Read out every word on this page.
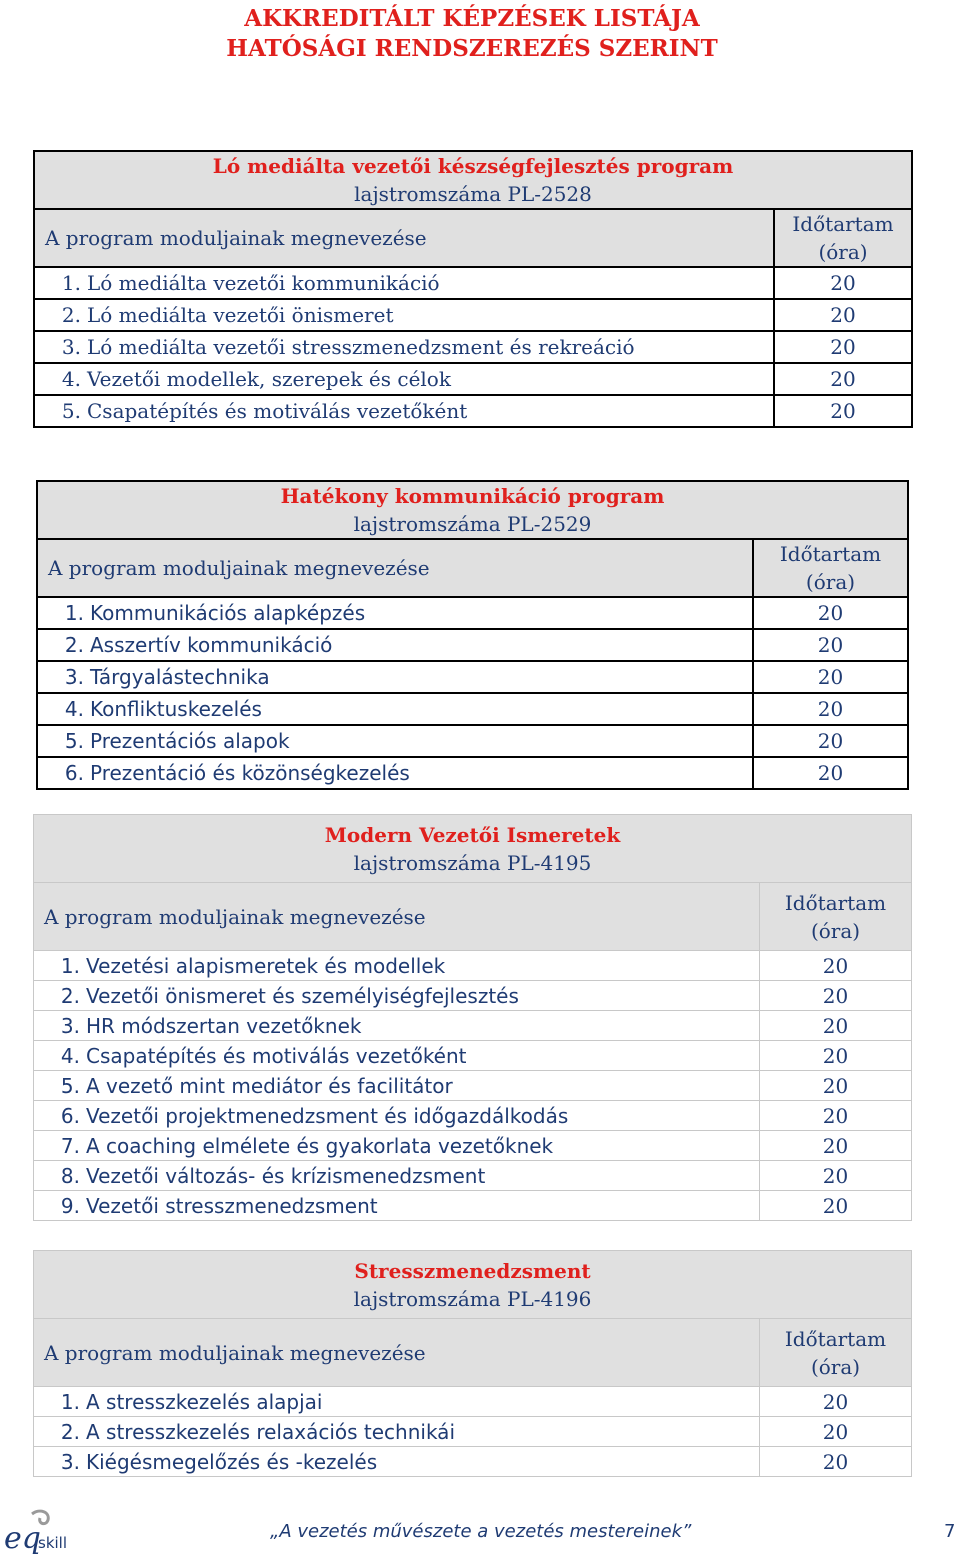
AKKREDITÁLT KÉPZÉSEK LISTÁJA
HATÓSÁGI RENDSZEREZÉS SZERINT
Ló mediálta vezetői készségfejlesztés program
lajstromszáma PL-2528	

A program moduljainak megnevezése	Időtartam
(óra)

1. Ló mediálta vezetői kommunikáció	20
2. Ló mediálta vezetői önismeret	20
3. Ló mediálta vezetői stresszmenedzsment és rekreáció	20
4. Vezetői modellek, szerepek és célok	20
5. Csapatépítés és motiválás vezetőként	20
Hatékony kommunikáció program
lajstromszáma PL-2529	

A program moduljainak megnevezése	Időtartam
(óra)

1. Kommunikációs alapképzés	20
2. Asszertív kommunikáció	20
3. Tárgyalástechnika	20
4. Konfliktuskezelés	20
5. Prezentációs alapok	20
6. Prezentáció és közönségkezelés	20
Modern Vezetői Ismeretek
lajstromszáma PL-4195	

A program moduljainak megnevezése	Időtartam
(óra)

1. Vezetési alapismeretek és modellek	20
2. Vezetői önismeret és személyiségfejlesztés	20
3. HR módszertan vezetőknek	20
4. Csapatépítés és motiválás vezetőként	20
5. A vezető mint mediátor és facilitátor	20
6. Vezetői projektmenedzsment és időgazdálkodás	20
7. A coaching elmélete és gyakorlata vezetőknek	20
8. Vezetői változás- és krízismenedzsment	20
9. Vezetői stresszmenedzsment	20
Stresszmenedzsment
lajstromszáma PL-4196	

A program moduljainak megnevezése	Időtartam
(óra)

1. A stresszkezelés alapjai	20
2. A stresszkezelés relaxációs technikái	20
3. Kiégésmegelőzés és -kezelés	20
eq
skill
„A vezetés művészete a vezetés mestereinek”	7
